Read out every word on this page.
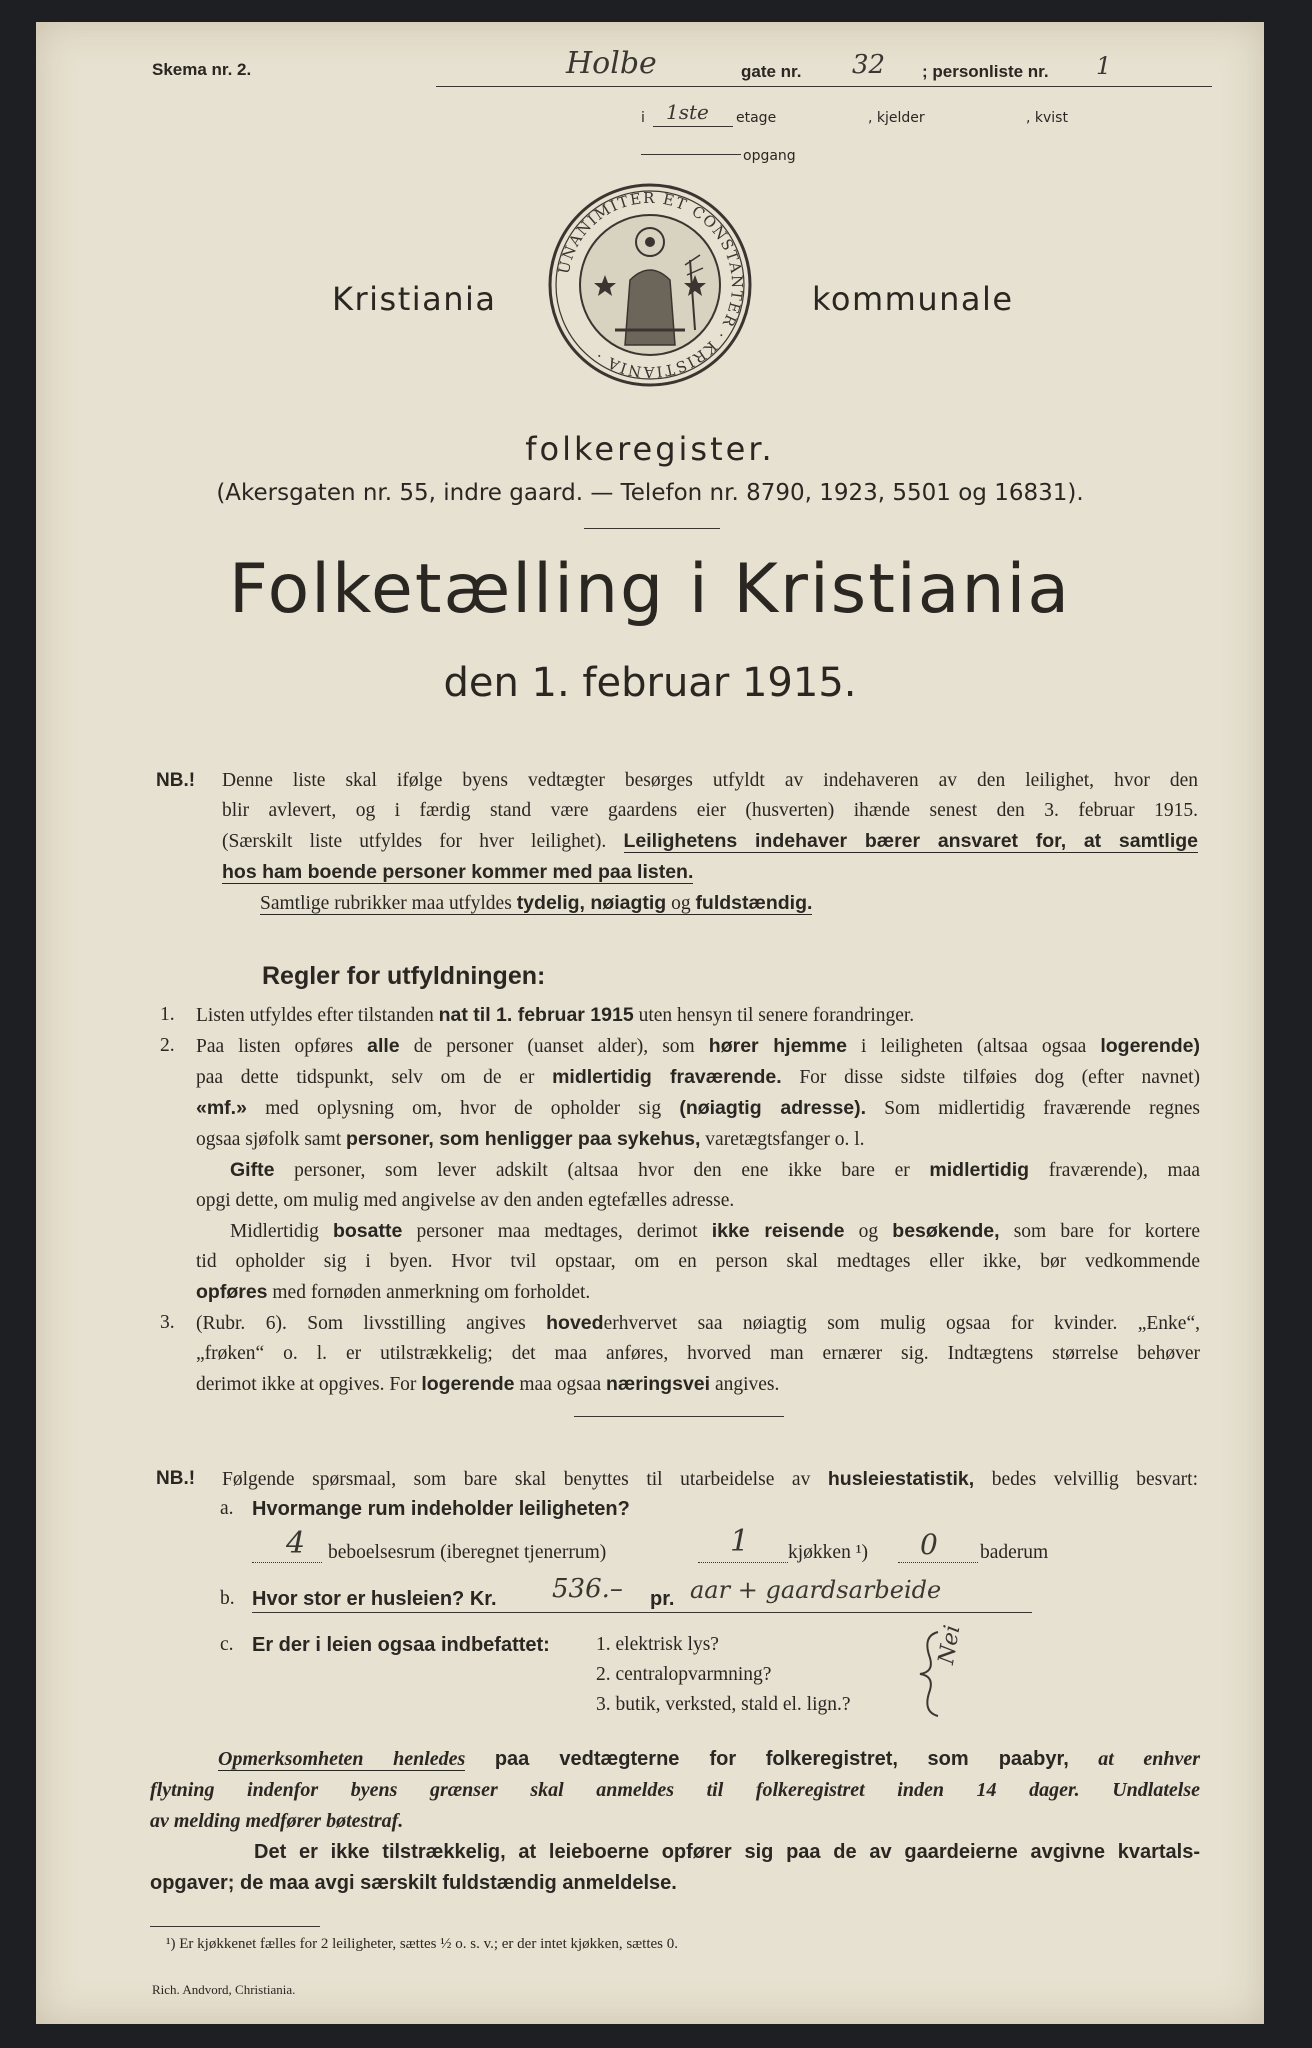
Skema nr. 2.	Holbe	gate nr. 32 ; personliste nr. 1
i 1ste etage	, kjelder	, kvist
opgang
Kristiania	kommunale
UNANIMITER ET CONSTANTER · KRISTIANIA ·
folkeregister.
(Akersgaten nr. 55, indre gaard. — Telefon nr. 8790, 1923, 5501 og 16831).
Folketælling i Kristiania
den 1. februar 1915.
NB.! Denne liste skal ifølge byens vedtægter besørges utfyldt av indehaveren av den leilighet, hvor den
blir avlevert, og i færdig stand være gaardens eier (husverten) ihænde senest den 3. februar 1915.
(Særskilt liste utfyldes for hver leilighet). Leilighetens indehaver bærer ansvaret for, at samtlige
hos ham boende personer kommer med paa listen.
Samtlige rubrikker maa utfyldes tydelig, nøiagtig og fuldstændig.
Regler for utfyldningen:
1.	Listen utfyldes efter tilstanden nat til 1. februar 1915 uten hensyn til senere forandringer.
2.	Paa listen opføres alle de personer (uanset alder), som hører hjemme i leiligheten (altsaa ogsaa logerende)
paa dette tidspunkt, selv om de er midlertidig fraværende. For disse sidste tilføies dog (efter navnet)
«mf.» med oplysning om, hvor de opholder sig (nøiagtig adresse). Som midlertidig fraværende regnes
ogsaa sjøfolk samt personer, som henligger paa sykehus, varetægtsfanger o. l.
Gifte personer, som lever adskilt (altsaa hvor den ene ikke bare er midlertidig fraværende), maa
opgi dette, om mulig med angivelse av den anden egtefælles adresse.
Midlertidig bosatte personer maa medtages, derimot ikke reisende og besøkende, som bare for kortere
tid opholder sig i byen. Hvor tvil opstaar, om en person skal medtages eller ikke, bør vedkommende
opføres med fornøden anmerkning om forholdet.
3.	(Rubr. 6). Som livsstilling angives hovederhvervet saa nøiagtig som mulig ogsaa for kvinder. „Enke“,
„frøken“ o. l. er utilstrækkelig; det maa anføres, hvorved man ernærer sig. Indtægtens størrelse behøver
derimot ikke at opgives. For logerende maa ogsaa næringsvei angives.
NB.! Følgende spørsmaal, som bare skal benyttes til utarbeidelse av husleiestatistik, bedes velvillig besvart:
a. Hvormange rum indeholder leiligheten?
4 beboelsesrum (iberegnet tjenerrum)	1 kjøkken ¹) 0 baderum
b. Hvor stor er husleien? Kr. 536.– pr. aar + gaardsarbeide
c. Er der i leien ogsaa indbefattet: 1. elektrisk lys?
2. centralopvarmning?
3. butik, verksted, stald el. lign.?
Nei
Opmerksomheten henledes paa vedtægterne for folkeregistret, som paabyr, at enhver
flytning indenfor byens grænser skal anmeldes til folkeregistret inden 14 dager. Undlatelse
av melding medfører bøtestraf.
Det er ikke tilstrækkelig, at leieboerne opfører sig paa de av gaardeierne avgivne kvartals-
opgaver; de maa avgi særskilt fuldstændig anmeldelse.
¹) Er kjøkkenet fælles for 2 leiligheter, sættes ½ o. s. v.; er der intet kjøkken, sættes 0.
Rich. Andvord, Christiania.
